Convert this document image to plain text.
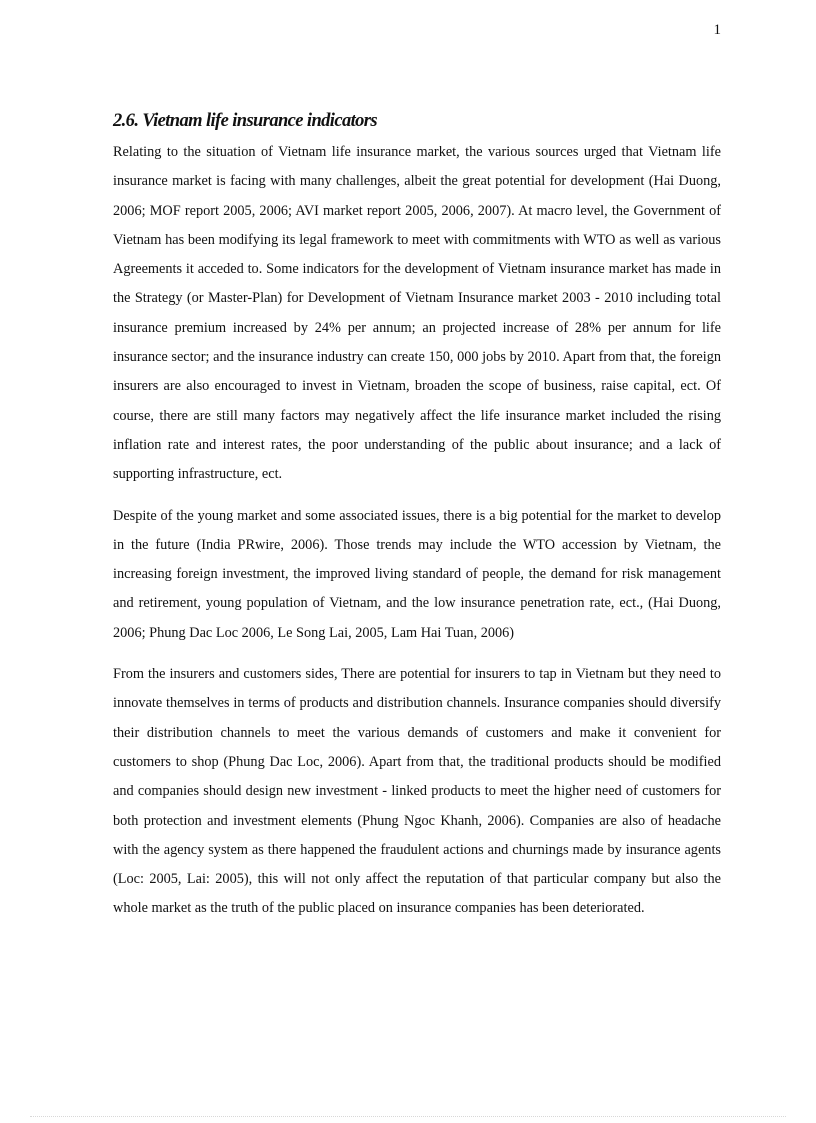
1
2.6. Vietnam life insurance indicators

Relating to the situation of Vietnam life insurance market, the various sources urged that Vietnam life insurance market is facing with many challenges, albeit the great potential for development (Hai Duong, 2006; MOF report 2005, 2006; AVI market report 2005, 2006, 2007). At macro level, the Government of Vietnam has been modifying its legal framework to meet with commitments with WTO as well as various Agreements it acceded to. Some indicators for the development of Vietnam insurance market has made in the Strategy (or Master-Plan) for Development of Vietnam Insurance market 2003 - 2010 including total insurance premium increased by 24% per annum; an projected increase of 28% per annum for life insurance sector; and the insurance industry can create 150, 000 jobs by 2010. Apart from that, the foreign insurers are also encouraged to invest in Vietnam, broaden the scope of business, raise capital, ect. Of course, there are still many factors may negatively affect the life insurance market included the rising inflation rate and interest rates, the poor understanding of the public about insurance; and a lack of supporting infrastructure, ect.

Despite of the young market and some associated issues, there is a big potential for the market to develop in the future (India PRwire, 2006). Those trends may include the WTO accession by Vietnam, the increasing foreign investment, the improved living standard of people, the demand for risk management and retirement, young population of Vietnam, and the low insurance penetration rate, ect., (Hai Duong, 2006; Phung Dac Loc 2006, Le Song Lai, 2005, Lam Hai Tuan, 2006)

From the insurers and customers sides, There are potential for insurers to tap in Vietnam but they need to innovate themselves in terms of products and distribution channels. Insurance companies should diversify their distribution channels to meet the various demands of customers and make it convenient for customers to shop (Phung Dac Loc, 2006). Apart from that, the traditional products should be modified and companies should design new investment - linked products to meet the higher need of customers for both protection and investment elements (Phung Ngoc Khanh, 2006). Companies are also of headache with the agency system as there happened the fraudulent actions and churnings made by insurance agents (Loc: 2005, Lai: 2005), this will not only affect the reputation of that particular company but also the whole market as the truth of the public placed on insurance companies has been deteriorated.
